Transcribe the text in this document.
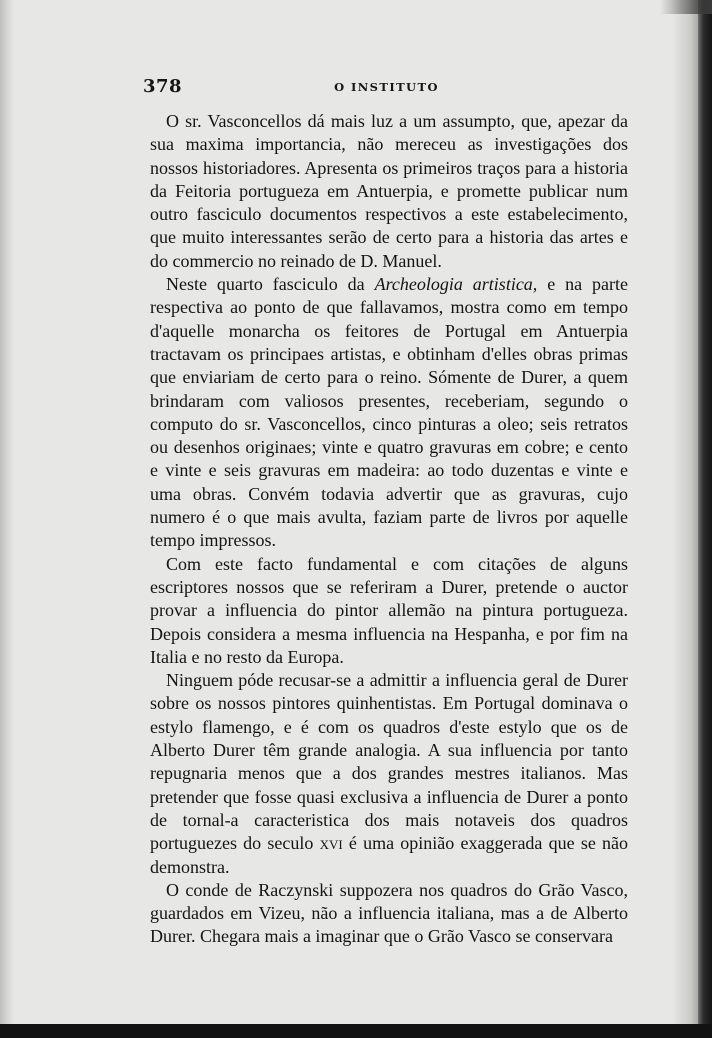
378	O INSTITUTO

O sr. Vasconcellos dá mais luz a um assumpto, que, apezar da sua maxima importancia, não mereceu as investigações dos nossos historiadores. Apresenta os primeiros traços para a historia da Feitoria portugueza em Antuerpia, e promette publicar num outro fasciculo documentos respectivos a este estabelecimento, que muito interessantes serão de certo para a historia das artes e do commercio no reinado de D. Manuel.

Neste quarto fasciculo da Archeologia artistica, e na parte respectiva ao ponto de que fallavamos, mostra como em tempo d'aquelle monarcha os feitores de Portugal em Antuerpia tractavam os principaes artistas, e obtinham d'elles obras primas que enviariam de certo para o reino. Sómente de Durer, a quem brindaram com valiosos presentes, receberiam, segundo o computo do sr. Vasconcellos, cinco pinturas a oleo; seis retratos ou desenhos originaes; vinte e quatro gravuras em cobre; e cento e vinte e seis gravuras em madeira: ao todo duzentas e vinte e uma obras. Convém todavia advertir que as gravuras, cujo numero é o que mais avulta, faziam parte de livros por aquelle tempo impressos.

Com este facto fundamental e com citações de alguns escriptores nossos que se referiram a Durer, pretende o auctor provar a influencia do pintor allemão na pintura portugueza. Depois considera a mesma influencia na Hespanha, e por fim na Italia e no resto da Europa.

Ninguem póde recusar-se a admittir a influencia geral de Durer sobre os nossos pintores quinhentistas. Em Portugal dominava o estylo flamengo, e é com os quadros d'este estylo que os de Alberto Durer têm grande analogia. A sua influencia por tanto repugnaria menos que a dos grandes mestres italianos. Mas pretender que fosse quasi exclusiva a influencia de Durer a ponto de tornal-a caracteristica dos mais notaveis dos quadros portuguezes do seculo xvi é uma opinião exaggerada que se não demonstra.

O conde de Raczynski suppozera nos quadros do Grão Vasco, guardados em Vizeu, não a influencia italiana, mas a de Alberto Durer. Chegara mais a imaginar que o Grão Vasco se conservara
